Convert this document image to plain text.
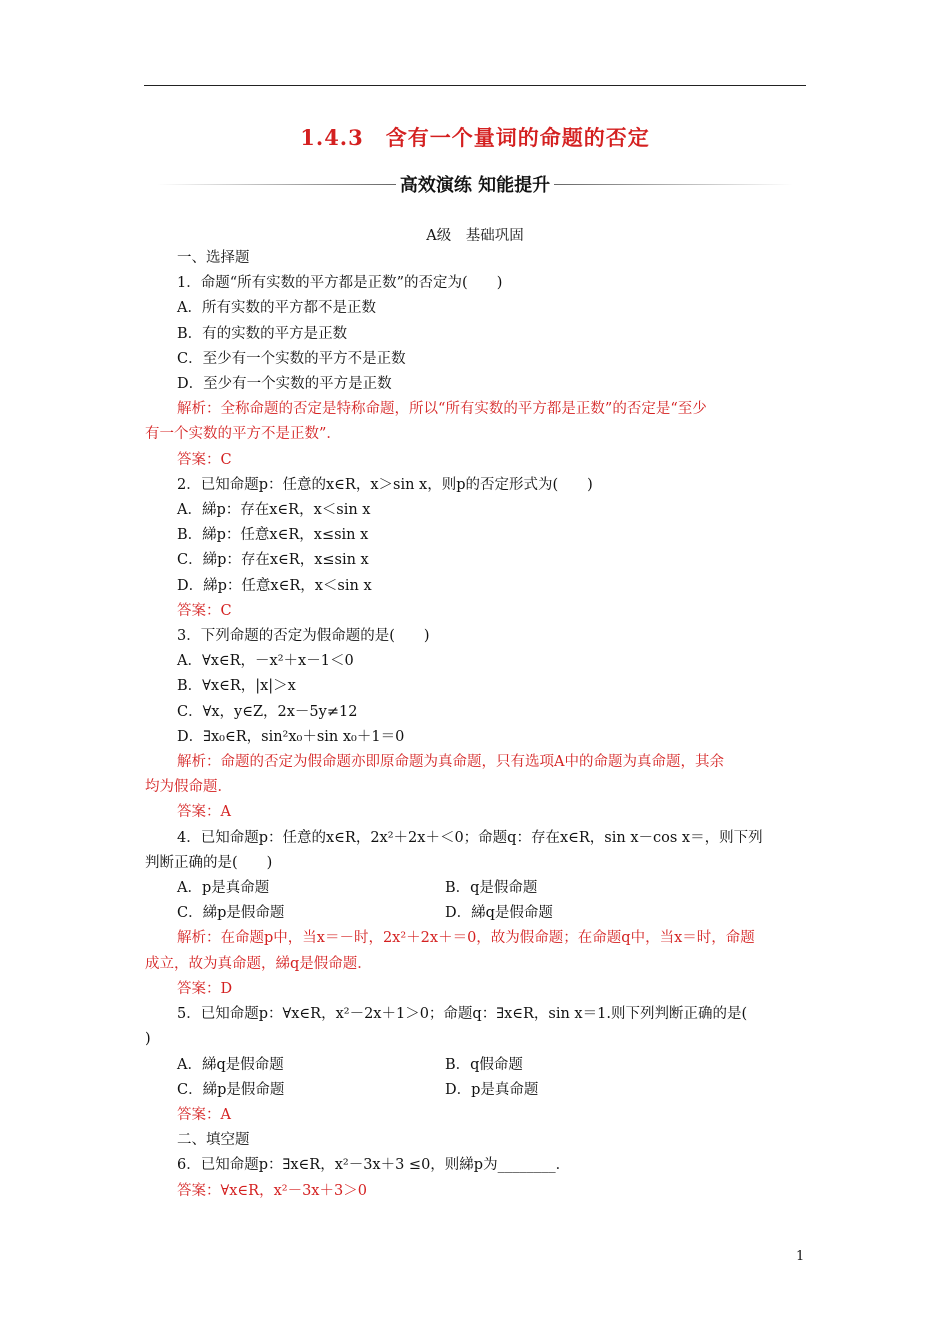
1.4.3　含有一个量词的命题的否定
高效演练 知能提升
A级　基础巩固
一、选择题
1．命题“所有实数的平方都是正数”的否定为(　　)
A．所有实数的平方都不是正数
B．有的实数的平方是正数
C．至少有一个实数的平方不是正数
D．至少有一个实数的平方是正数
解析：全称命题的否定是特称命题，所以“所有实数的平方都是正数”的否定是“至少
有一个实数的平方不是正数”．
答案：C
2．已知命题p：任意的x∈R，x＞sin x，则p的否定形式为(　　)
A．綈p：存在x∈R，x＜sin x
B．綈p：任意x∈R，x≤sin x
C．綈p：存在x∈R，x≤sin x
D．綈p：任意x∈R，x＜sin x
答案：C
3．下列命题的否定为假命题的是(　　)
A．∀x∈R，－x²＋x－1＜0
B．∀x∈R，|x|＞x
C．∀x，y∈Z，2x－5y≠12
D．∃x₀∈R，sin²x₀＋sin x₀＋1＝0
解析：命题的否定为假命题亦即原命题为真命题，只有选项A中的命题为真命题，其余
均为假命题．
答案：A
4．已知命题p：任意的x∈R，2x²＋2x＋＜0；命题q：存在x∈R，sin x－cos x＝，则下列
判断正确的是(　　)
A．p是真命题	B．q是假命题
C．綈p是假命题	D．綈q是假命题
解析：在命题p中，当x＝－时，2x²＋2x＋＝0，故为假命题；在命题q中，当x＝时，命题
成立，故为真命题，綈q是假命题．
答案：D
5．已知命题p：∀x∈R，x²－2x＋1＞0；命题q：∃x∈R，sin x＝1.则下列判断正确的是(
)
A．綈q是假命题	B．q假命题
C．綈p是假命题	D．p是真命题
答案：A
二、填空题
6．已知命题p：∃x∈R，x²－3x＋3 ≤0，则綈p为________．
答案：∀x∈R，x²－3x＋3＞0
1
